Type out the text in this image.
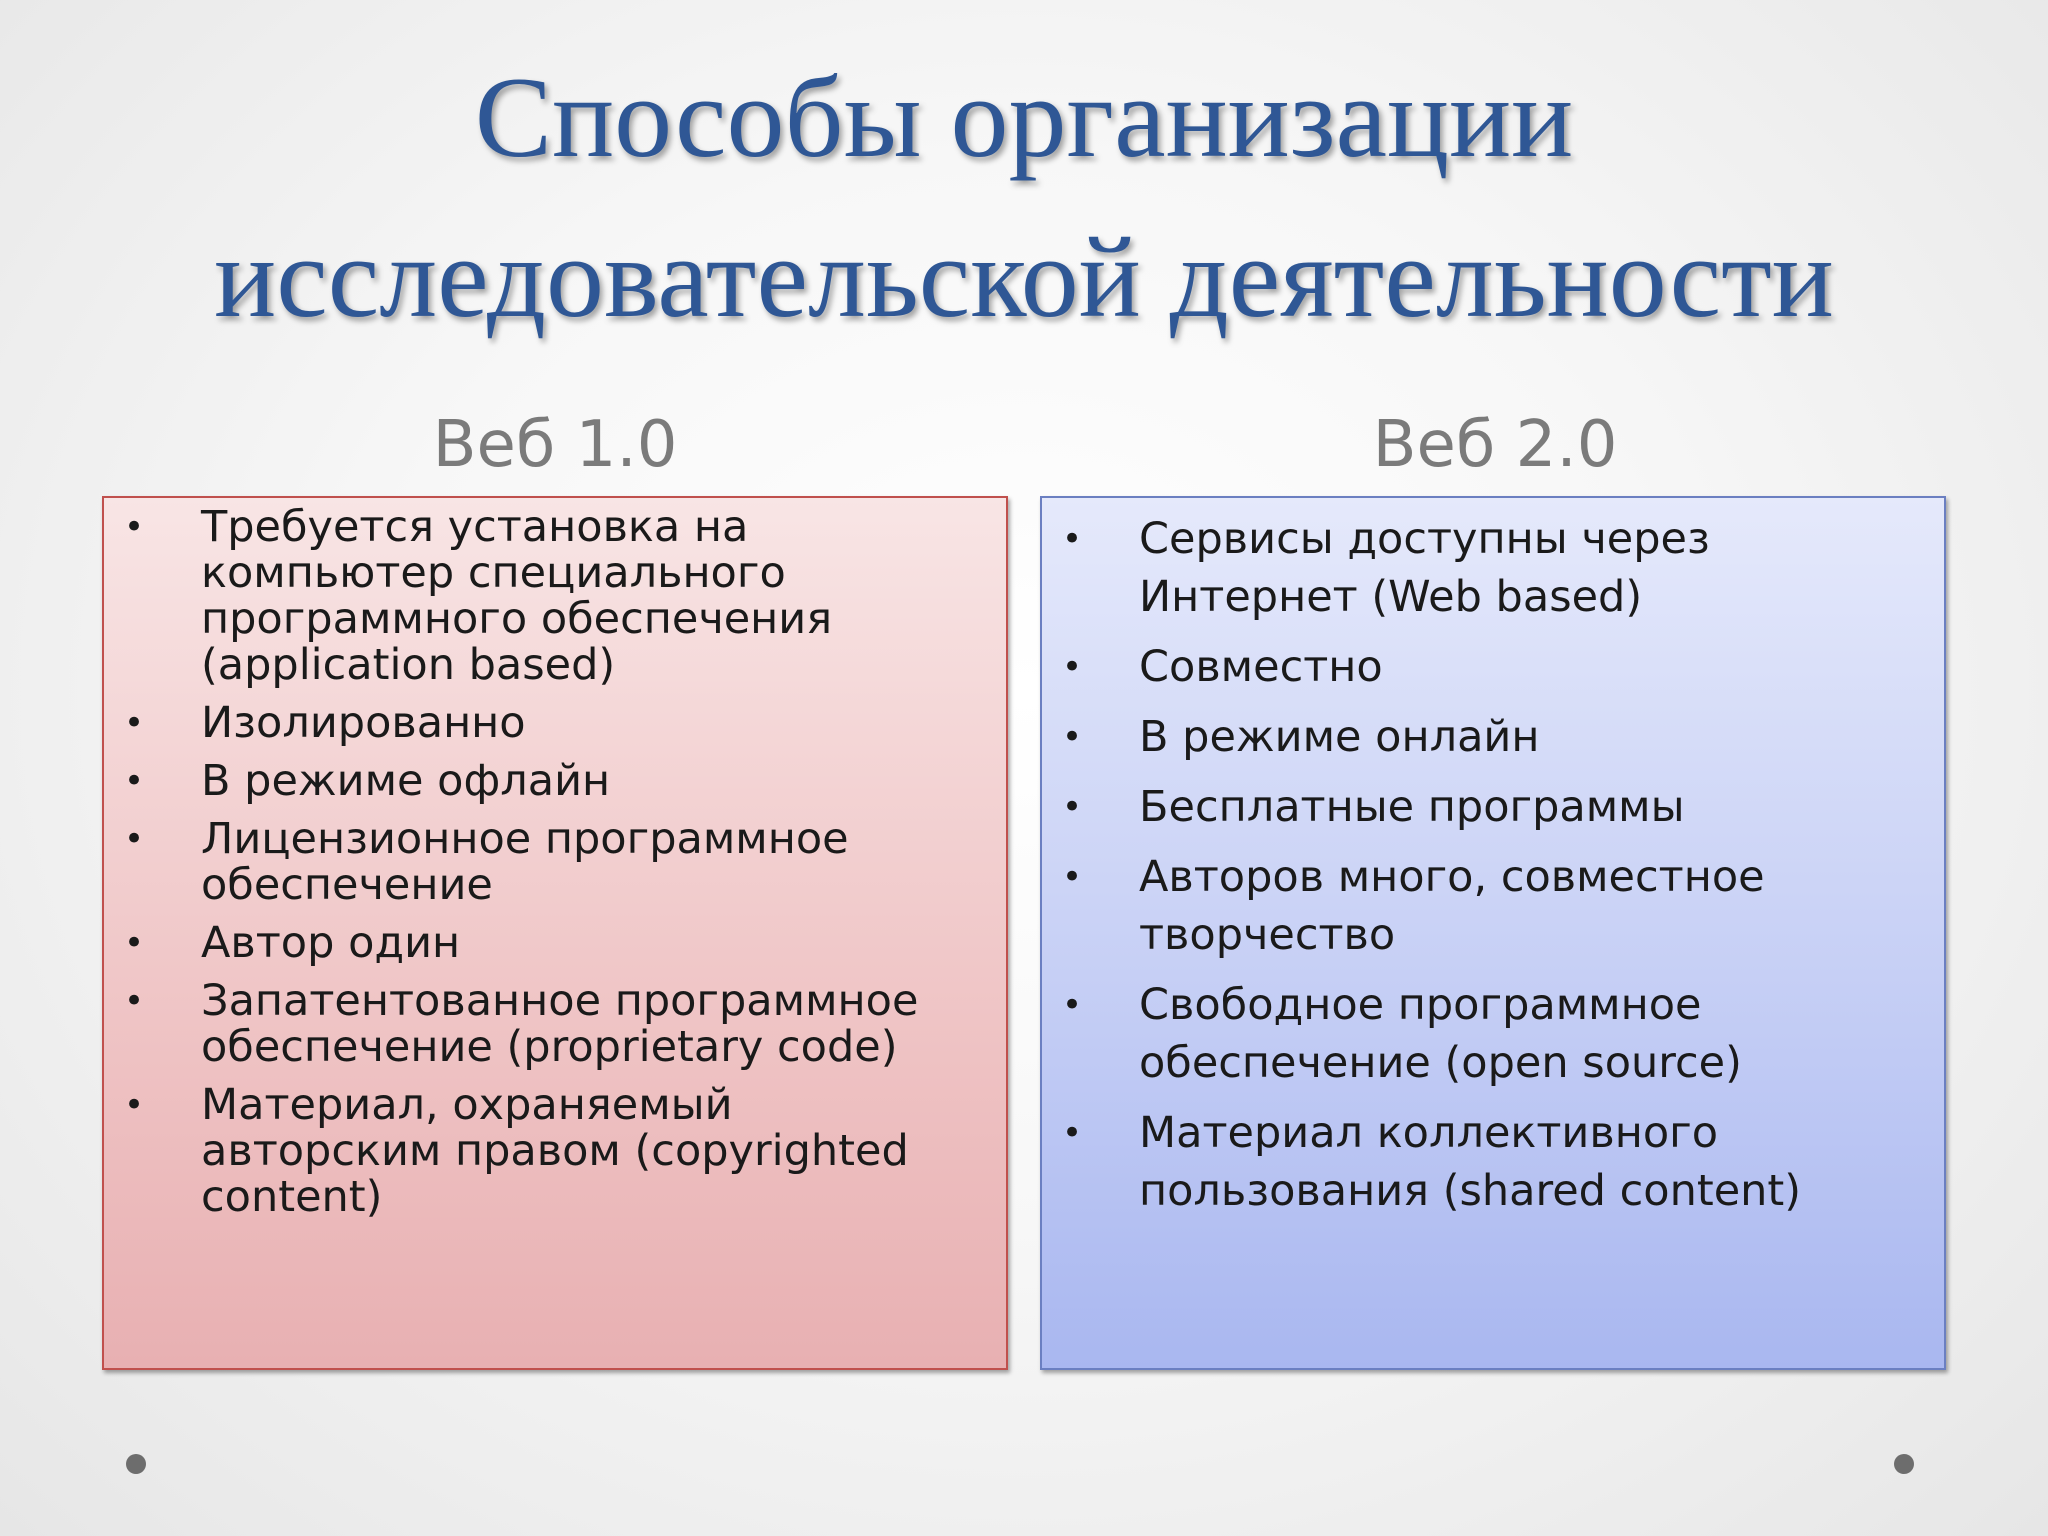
Способы организации
исследовательской деятельности
Веб 1.0	Веб 2.0
• Требуется установка на компьютер специального программного обеспечения (application based)
• Изолированно
• В режиме офлайн
• Лицензионное программное обеспечение
• Автор один
• Запатентованное программное обеспечение (proprietary code)
• Материал, охраняемый авторским правом (copyrighted content)
• Сервисы доступны через Интернет (Web based)
• Совместно
• В режиме онлайн
• Бесплатные программы
• Авторов много, совместное творчество
• Свободное программное обеспечение (open source)
• Материал коллективного пользования (shared content)
